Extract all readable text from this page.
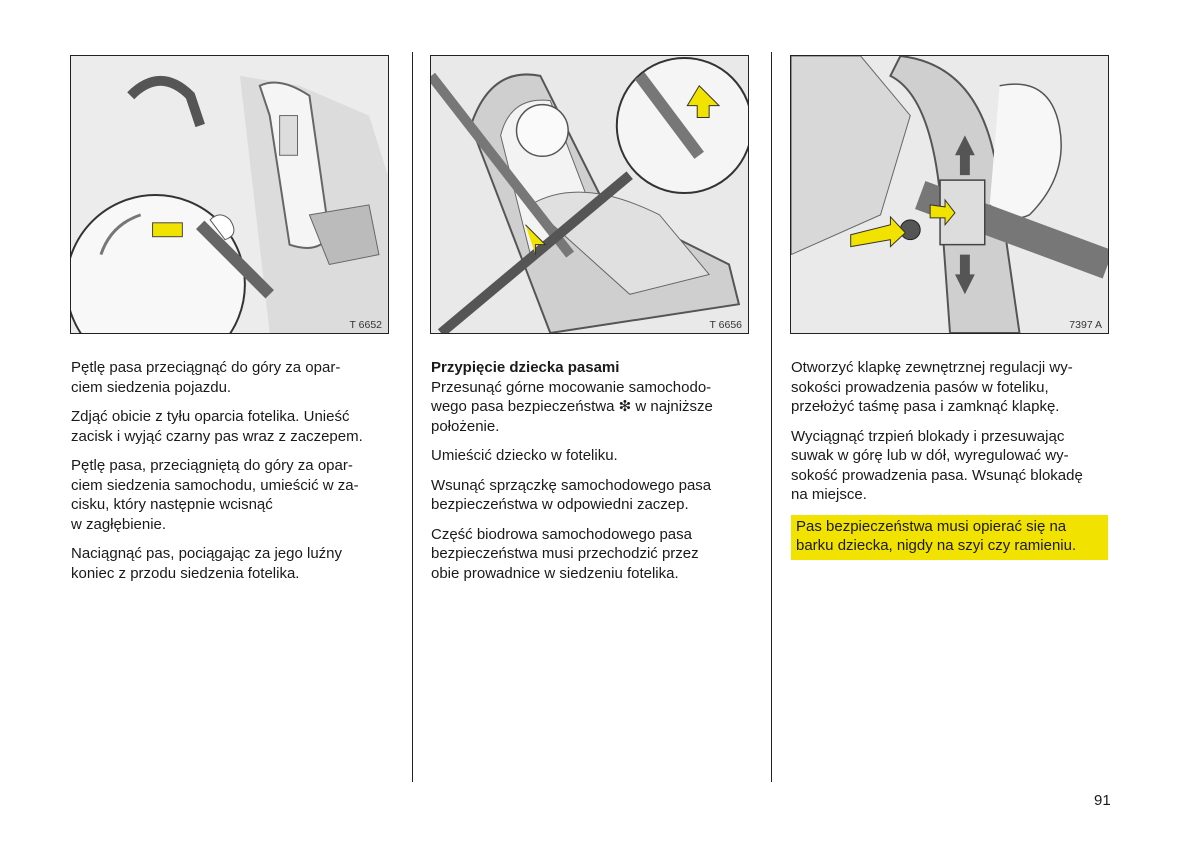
T 6652	T 6656	7397 A

Pętlę pasa przeciągnąć do góry za opar-
ciem siedzenia pojazdu.

Zdjąć obicie z tyłu oparcia fotelika. Unieść
zacisk i wyjąć czarny pas wraz z zaczepem.

Pętlę pasa, przeciągniętą do góry za opar-
ciem siedzenia samochodu, umieścić w za-
cisku, który następnie wcisnąć
w zagłębienie.

Naciągnąć pas, pociągając za jego luźny
koniec z przodu siedzenia fotelika.

Przypięcie dziecka pasami
Przesunąć górne mocowanie samochodo-
wego pasa bezpieczeństwa ❇ w najniższe
położenie.

Umieścić dziecko w foteliku.

Wsunąć sprzączkę samochodowego pasa
bezpieczeństwa w odpowiedni zaczep.

Część biodrowa samochodowego pasa
bezpieczeństwa musi przechodzić przez
obie prowadnice w siedzeniu fotelika.

Otworzyć klapkę zewnętrznej regulacji wy-
sokości prowadzenia pasów w foteliku,
przełożyć taśmę pasa i zamknąć klapkę.

Wyciągnąć trzpień blokady i przesuwając
suwak w górę lub w dół, wyregulować wy-
sokość prowadzenia pasa. Wsunąć blokadę
na miejsce.

Pas bezpieczeństwa musi opierać się na
barku dziecka, nigdy na szyi czy ramieniu.

91
